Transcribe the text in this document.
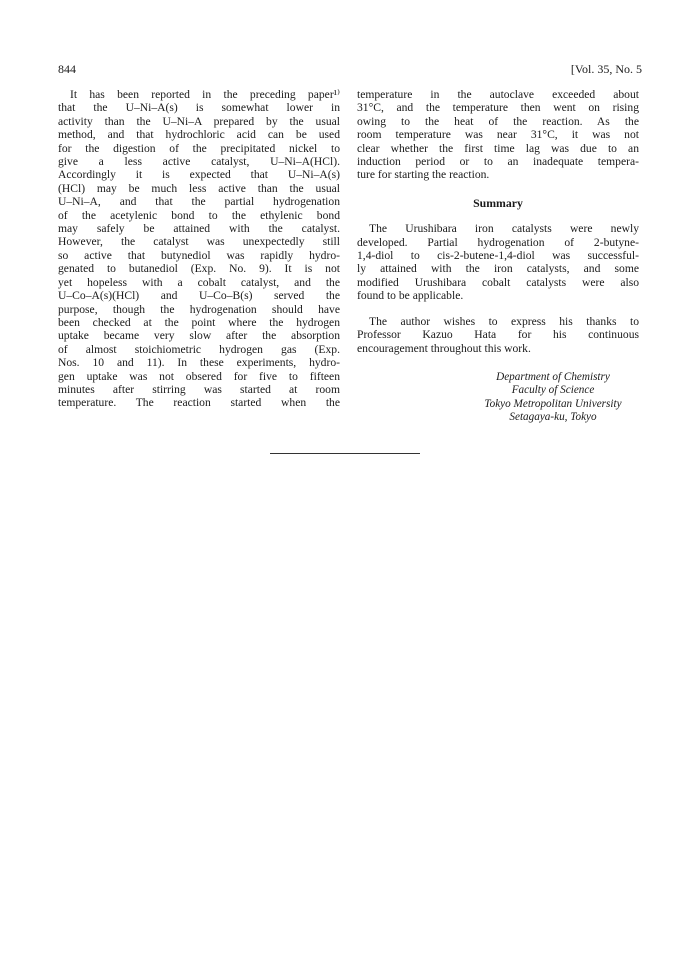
844	[Vol. 35, No. 5

It has been reported in the preceding paper¹⁾
that the U–Ni–A(s) is somewhat lower in
activity than the U–Ni–A prepared by the usual
method, and that hydrochloric acid can be used
for the digestion of the precipitated nickel to
give a less active catalyst, U–Ni–A(HCl).
Accordingly it is expected that U–Ni–A(s)
(HCl) may be much less active than the usual
U–Ni–A, and that the partial hydrogenation
of the acetylenic bond to the ethylenic bond
may safely be attained with the catalyst.
However, the catalyst was unexpectedly still
so active that butynediol was rapidly hydro-
genated to butanediol (Exp. No. 9). It is not
yet hopeless with a cobalt catalyst, and the
U–Co–A(s)(HCl) and U–Co–B(s) served the
purpose, though the hydrogenation should have
been checked at the point where the hydrogen
uptake became very slow after the absorption
of almost stoichiometric hydrogen gas (Exp.
Nos. 10 and 11). In these experiments, hydro-
gen uptake was not obsered for five to fifteen
minutes after stirring was started at room
temperature. The reaction started when the

temperature in the autoclave exceeded about
31°C, and the temperature then went on rising
owing to the heat of the reaction. As the
room temperature was near 31°C, it was not
clear whether the first time lag was due to an
induction period or to an inadequate tempera-
ture for starting the reaction.

Summary

The Urushibara iron catalysts were newly
developed. Partial hydrogenation of 2-butyne-
1,4-diol to cis-2-butene-1,4-diol was successful-
ly attained with the iron catalysts, and some
modified Urushibara cobalt catalysts were also
found to be applicable.

The author wishes to express his thanks to
Professor Kazuo Hata for his continuous
encouragement throughout this work.

Department of Chemistry
Faculty of Science
Tokyo Metropolitan University
Setagaya-ku, Tokyo
